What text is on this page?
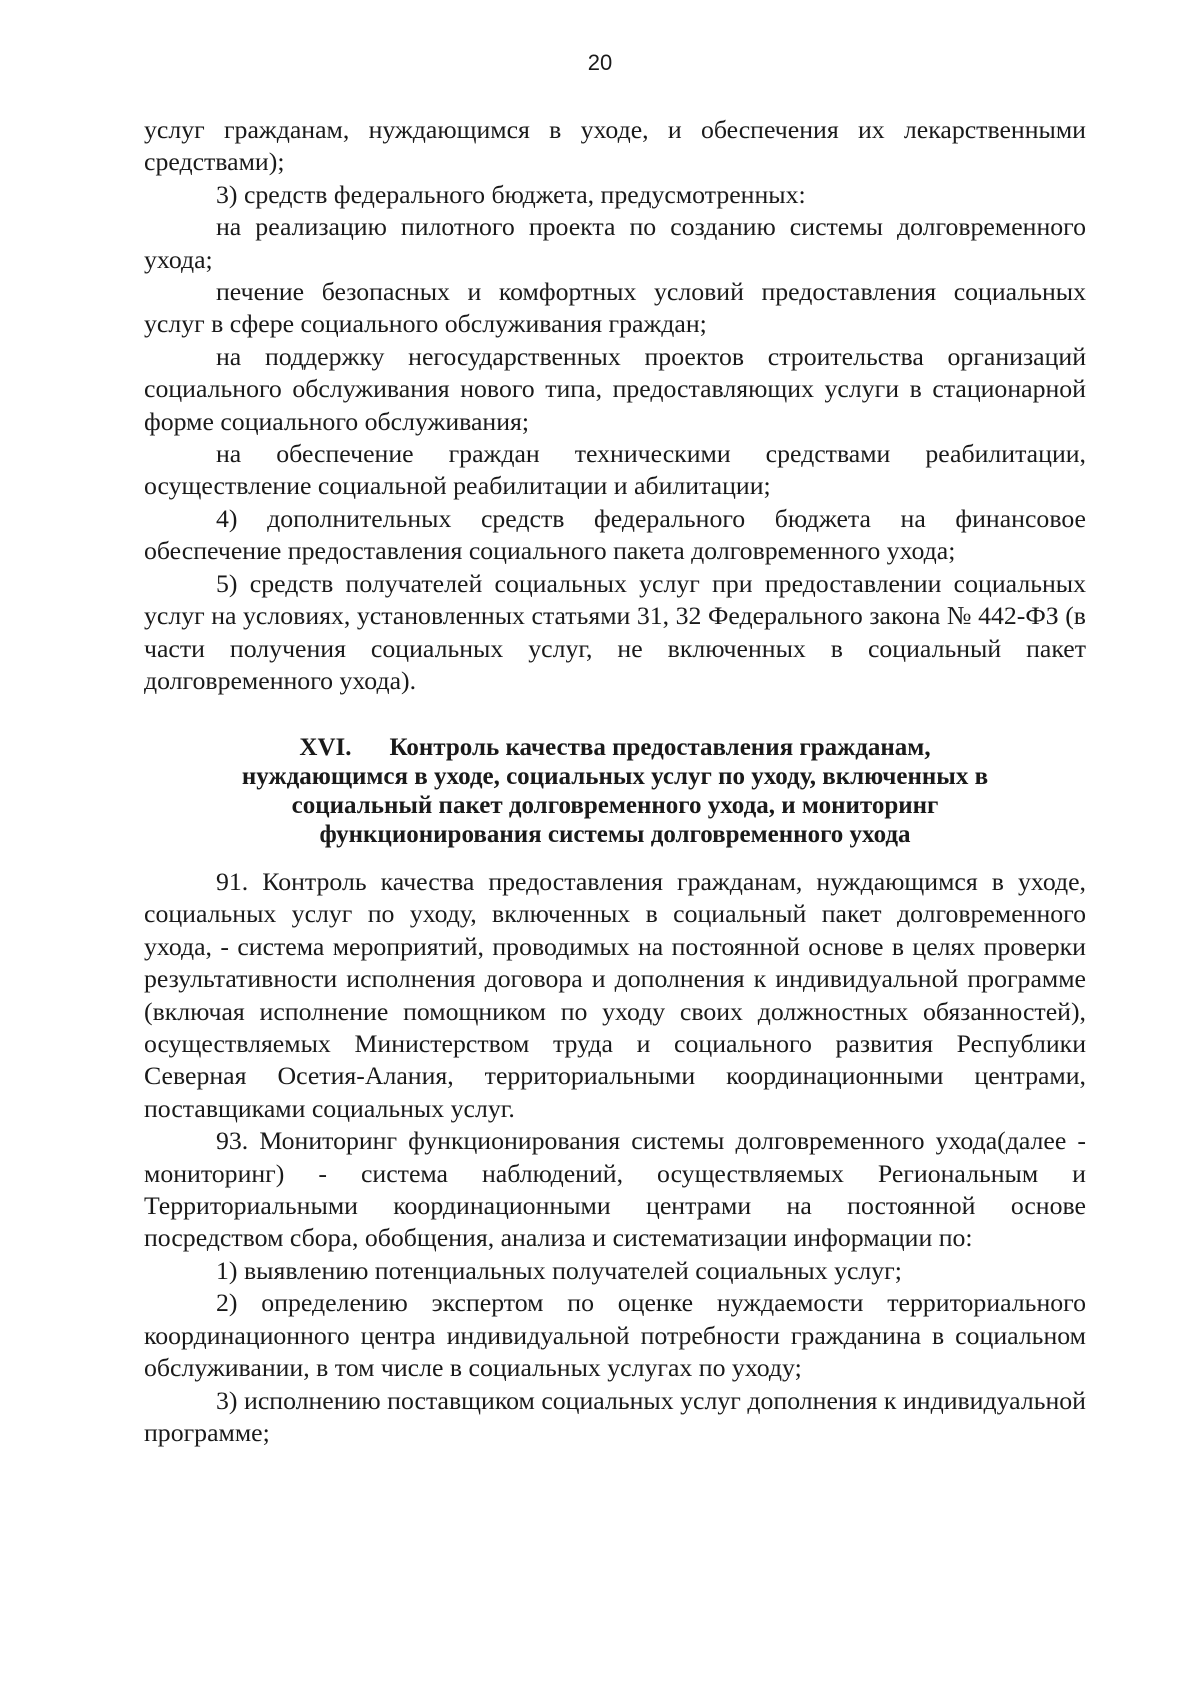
20

услуг гражданам, нуждающимся в уходе, и обеспечения их лекарственными средствами);

3) средств федерального бюджета, предусмотренных:

на реализацию пилотного проекта по созданию системы долговременного ухода;

печение безопасных и комфортных условий предоставления социальных услуг в сфере социального обслуживания граждан;

на поддержку негосударственных проектов строительства организаций социального обслуживания нового типа, предоставляющих услуги в стационарной форме социального обслуживания;

на обеспечение граждан техническими средствами реабилитации, осуществление социальной реабилитации и абилитации;

4) дополнительных средств федерального бюджета на финансовое обеспечение предоставления социального пакета долговременного ухода;

5) средств получателей социальных услуг при предоставлении социальных услуг на условиях, установленных статьями 31, 32 Федерального закона № 442-ФЗ (в части получения социальных услуг, не включенных в социальный пакет долговременного ухода).

XVI. Контроль качества предоставления гражданам,
нуждающимся в уходе, социальных услуг по уходу, включенных в
социальный пакет долговременного ухода, и мониторинг
функционирования системы долговременного ухода

91. Контроль качества предоставления гражданам, нуждающимся в уходе, социальных услуг по уходу, включенных в социальный пакет долговременного ухода, - система мероприятий, проводимых на постоянной основе в целях проверки результативности исполнения договора и дополнения к индивидуальной программе (включая исполнение помощником по уходу своих должностных обязанностей), осуществляемых Министерством труда и социального развития Республики Северная Осетия-Алания, территориальными координационными центрами, поставщиками социальных услуг.

93. Мониторинг функционирования системы долговременного ухода(далее - мониторинг) - система наблюдений, осуществляемых Региональным и Территориальными координационными центрами на постоянной основе посредством сбора, обобщения, анализа и систематизации информации по:

1) выявлению потенциальных получателей социальных услуг;

2) определению экспертом по оценке нуждаемости территориального координационного центра индивидуальной потребности гражданина в социальном обслуживании, в том числе в социальных услугах по уходу;

3) исполнению поставщиком социальных услуг дополнения к индивидуальной программе;
